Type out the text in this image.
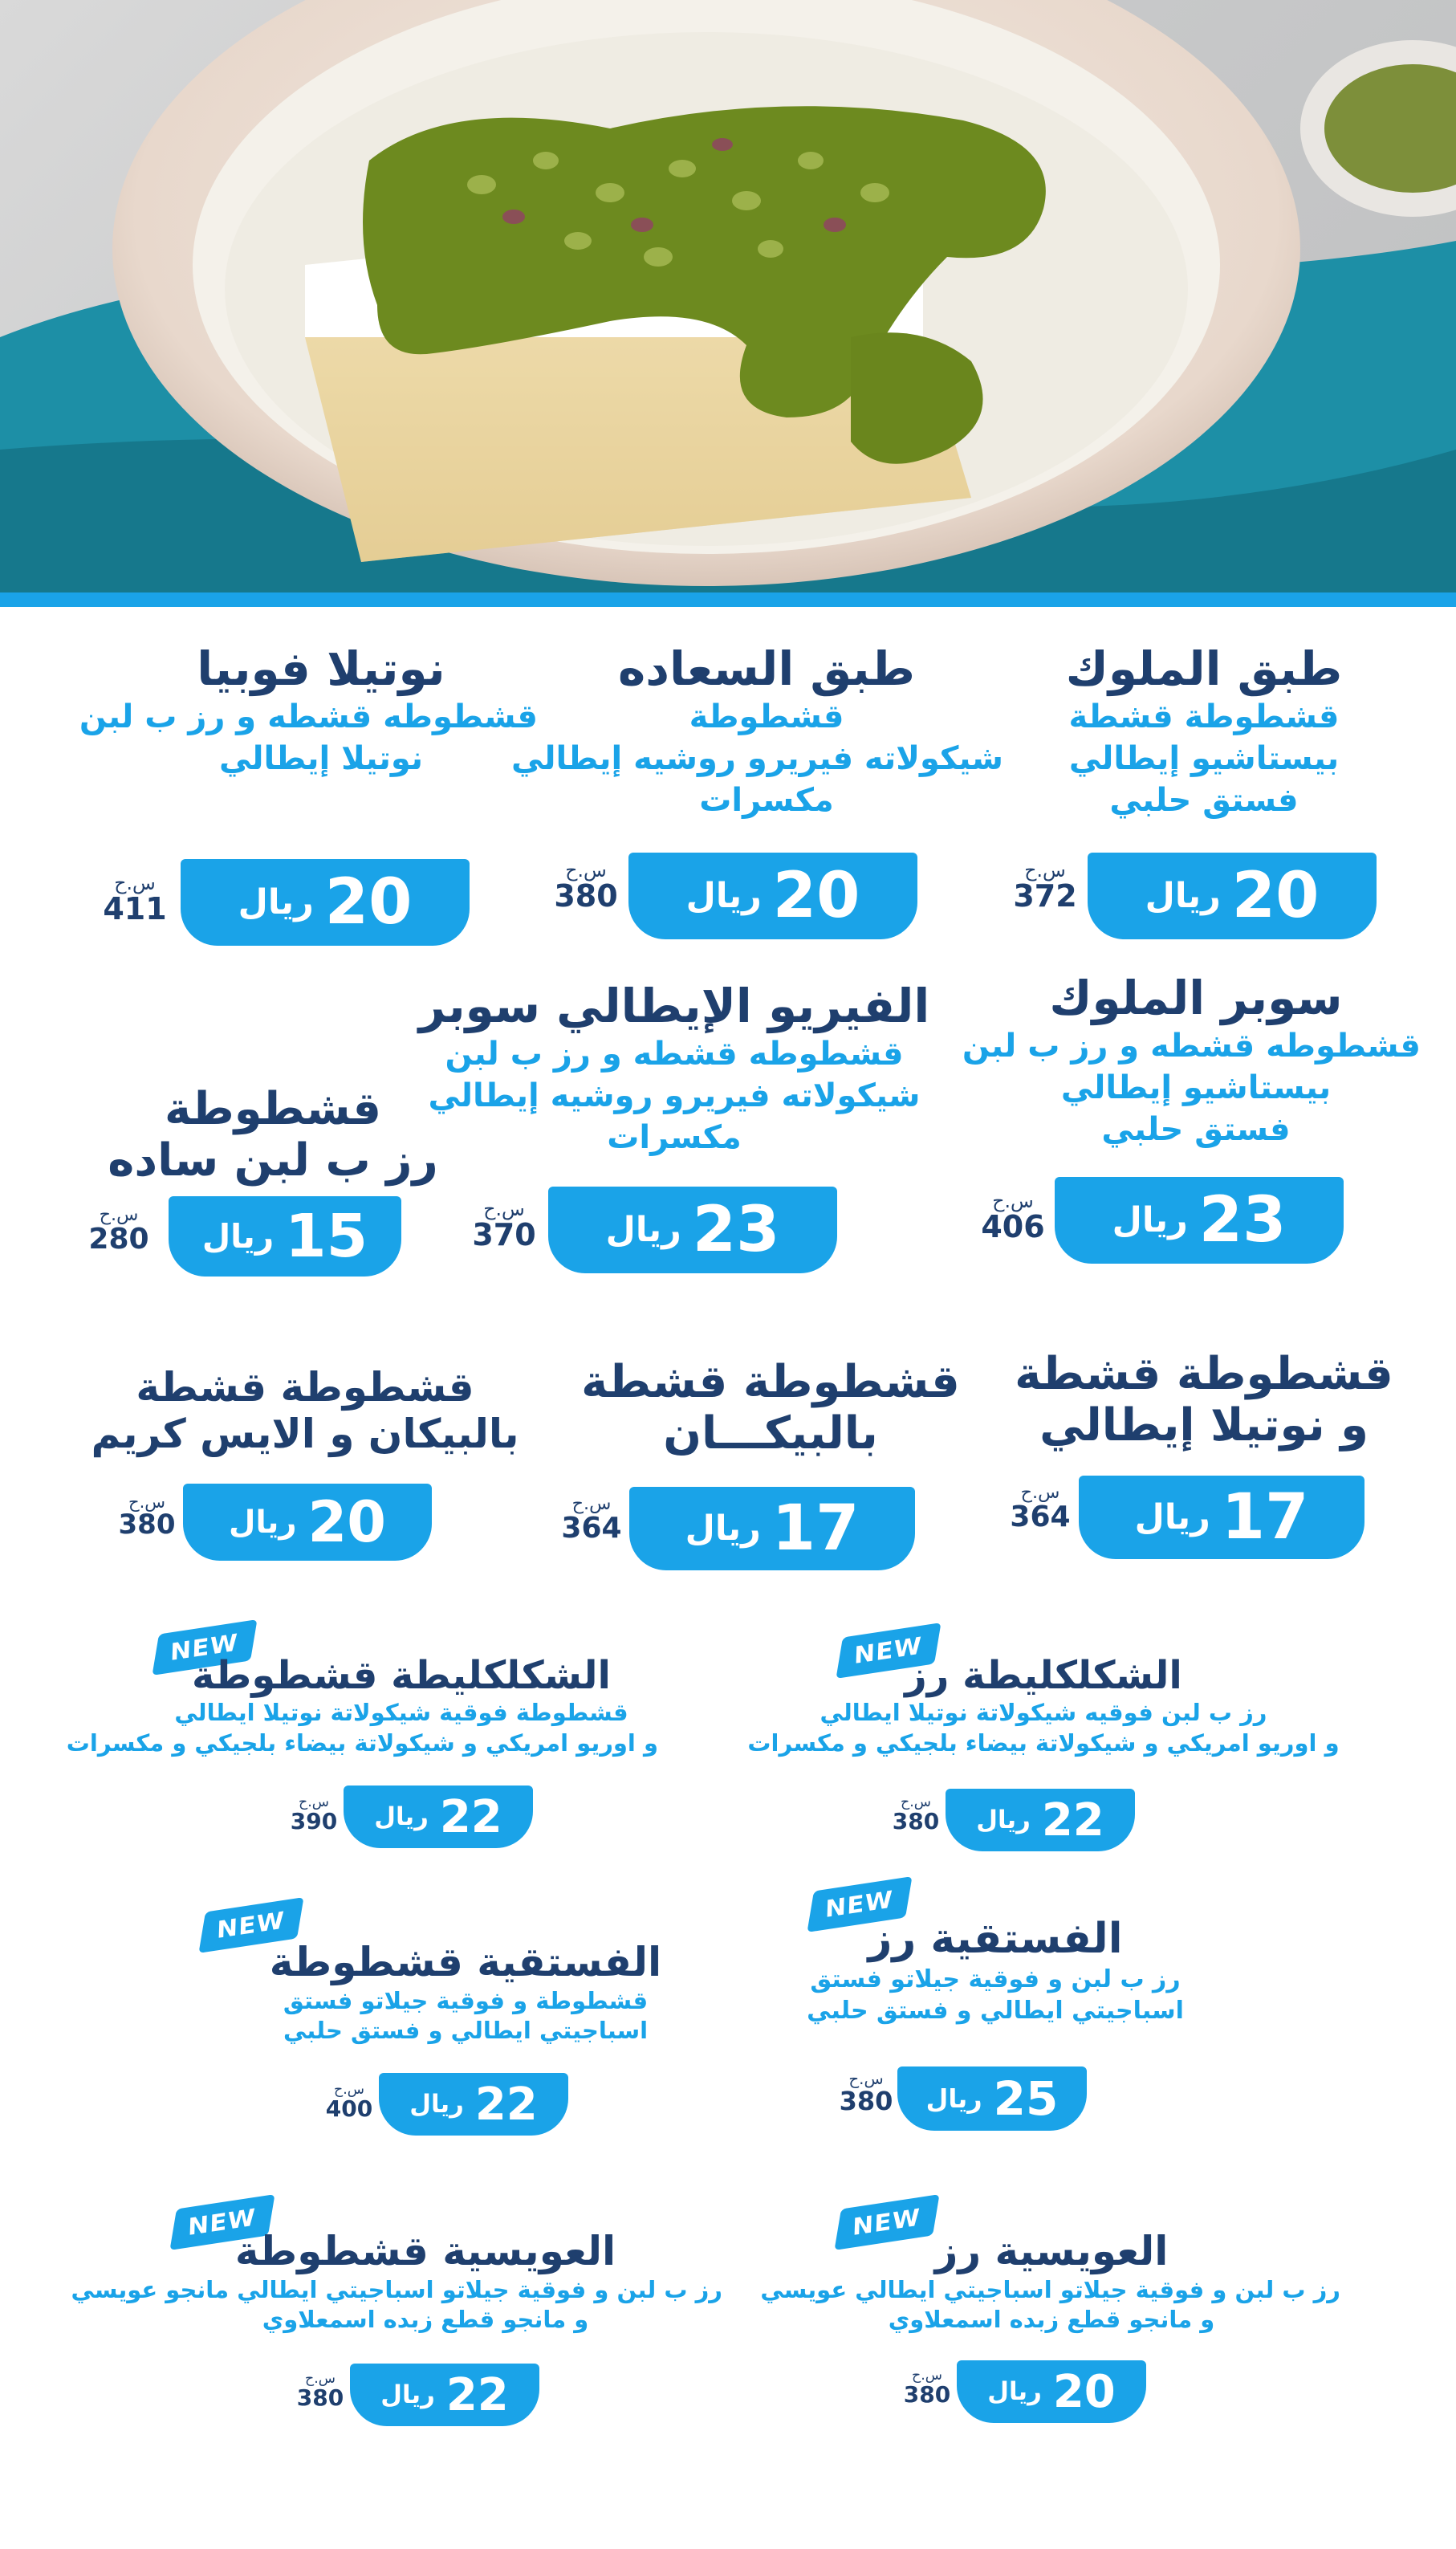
طبق الملوك
قشطوطة قشطة
بيستاشيو إيطالي
فستق حلبي
20
ريال
س.ح
372
طبق السعاده
قشطوطة
شيكولاته فيريرو روشيه إيطالي
مكسرات
20
ريال
س.ح
380
نوتيلا فوبيا
قشطوطه قشطه و رز ب لبن
نوتيلا إيطالي
20
ريال
س.ح
411
سوبر الملوك
قشطوطه قشطه و رز ب لبن
بيستاشيو إيطالي
فستق حلبي
23
ريال
س.ح
406
الفيريو الإيطالي سوبر
قشطوطه قشطه و رز ب لبن
شيكولاته فيريرو روشيه إيطالي
مكسرات
23
ريال
س.ح
370
قشطوطة
رز ب لبن ساده
15
ريال
س.ح
280
قشطوطة قشطة
و نوتيلا إيطالي
17
ريال
س.ح
364
قشطوطة قشطة
بالبيكـــان
17
ريال
س.ح
364
قشطوطة قشطة
بالبيكان و الايس كريم
20
ريال
س.ح
380
NEW
الشكلكليطة رز
رز ب لبن فوقيه شيكولاتة نوتيلا ايطالي
و اوريو امريكي و شيكولاتة بيضاء بلجيكي و مكسرات
22
ريال
س.ح
380
NEW
الشكلكليطة قشطوطة
قشطوطة فوقية شيكولاتة نوتيلا ايطالي
و اوريو امريكي و شيكولاتة بيضاء بلجيكي و مكسرات
22
ريال
س.ح
390
NEW
الفستقية رز
رز ب لبن و فوقية جيلاتو فستق
اسباجيتي ايطالي و فستق حلبي
25
ريال
س.ح
380
NEW
الفستقية قشطوطة
قشطوطة و فوقية جيلاتو فستق
اسباجيتي ايطالي و فستق حلبي
22
ريال
س.ح
400
NEW
العويسية رز
رز ب لبن و فوقية جيلاتو اسباجيتي ايطالي عويسي
و مانجو قطع زبده اسمعلاوي
20
ريال
س.ح
380
NEW
العويسية قشطوطة
رز ب لبن و فوقية جيلاتو اسباجيتي ايطالي مانجو عويسي
و مانجو قطع زبده اسمعلاوي
22
ريال
س.ح
380
